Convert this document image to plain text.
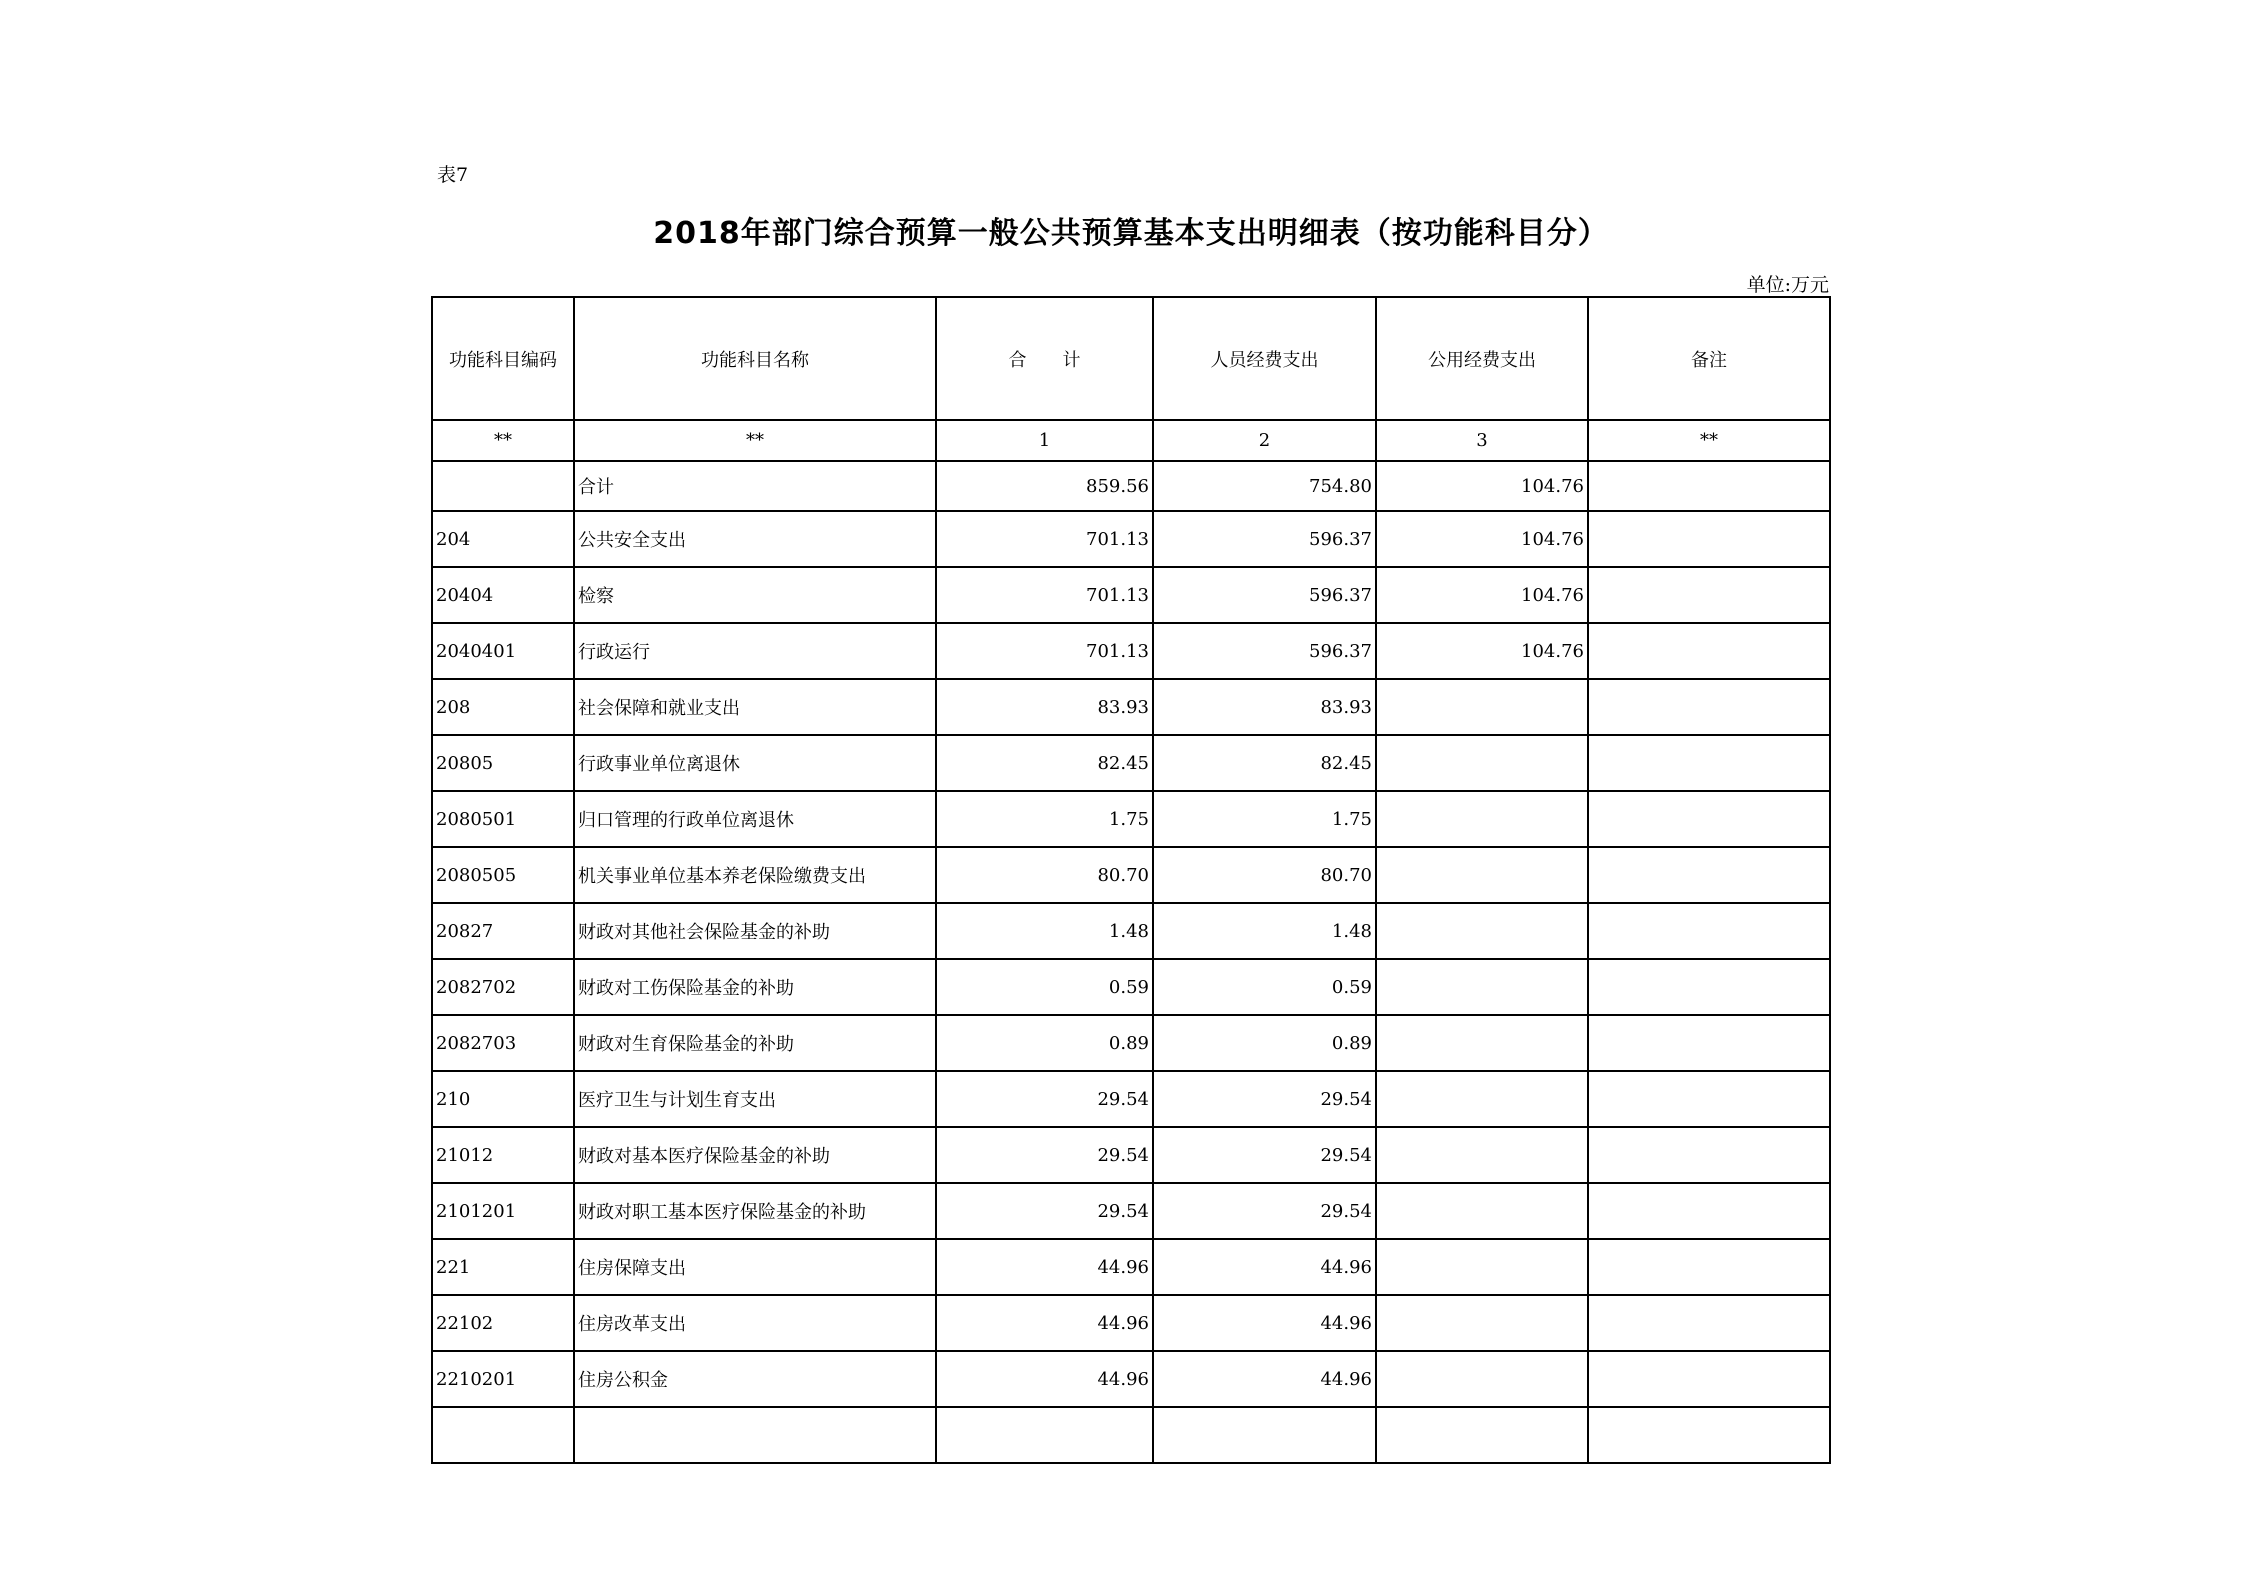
表7
2018年部门综合预算一般公共预算基本支出明细表（按功能科目分）
单位:万元
功能科目编码	功能科目名称	合　　计	人员经费支出	公用经费支出	备注
**	**	1	2	3	**
	合计	859.56	754.80	104.76	
204	公共安全支出	701.13	596.37	104.76	
20404	检察	701.13	596.37	104.76	
2040401	行政运行	701.13	596.37	104.76	
208	社会保障和就业支出	83.93	83.93		
20805	行政事业单位离退休	82.45	82.45		
2080501	归口管理的行政单位离退休	1.75	1.75		
2080505	机关事业单位基本养老保险缴费支出	80.70	80.70		
20827	财政对其他社会保险基金的补助	1.48	1.48		
2082702	财政对工伤保险基金的补助	0.59	0.59		
2082703	财政对生育保险基金的补助	0.89	0.89		
210	医疗卫生与计划生育支出	29.54	29.54		
21012	财政对基本医疗保险基金的补助	29.54	29.54		
2101201	财政对职工基本医疗保险基金的补助	29.54	29.54		
221	住房保障支出	44.96	44.96		
22102	住房改革支出	44.96	44.96		
2210201	住房公积金	44.96	44.96		
